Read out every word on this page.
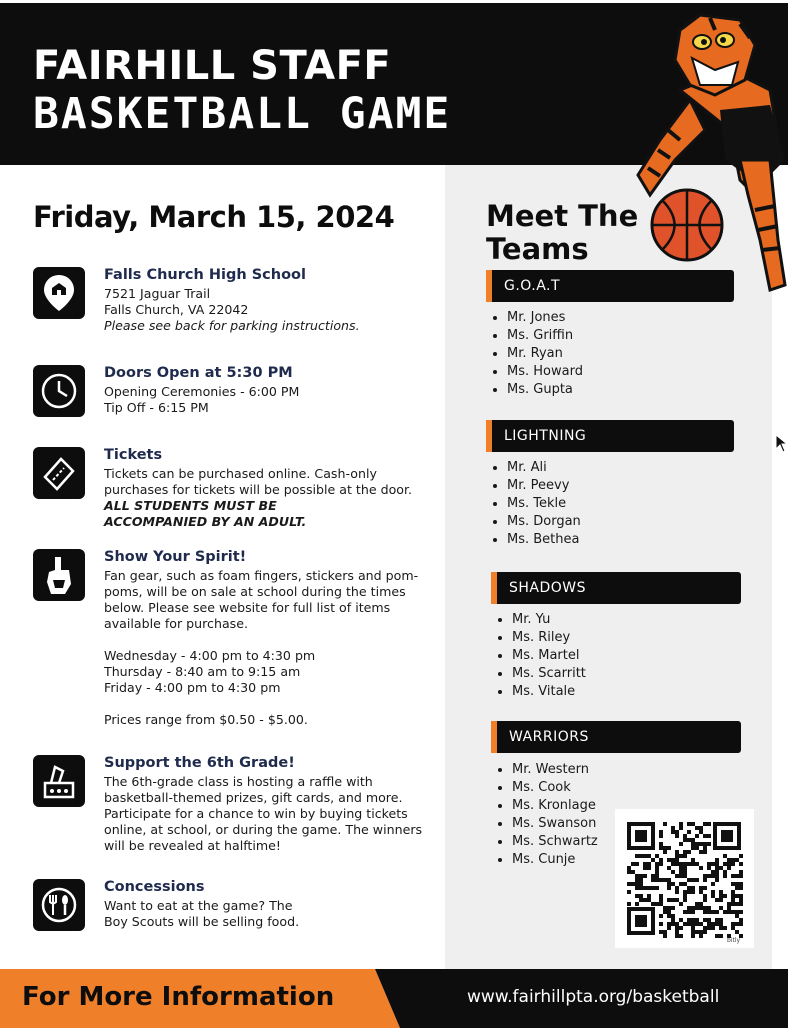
FAIRHILL STAFF
BASKETBALL GAME
Friday, March 15, 2024
Falls Church High School
7521 Jaguar Trail
Falls Church, VA 22042
Please see back for parking instructions.
Doors Open at 5:30 PM
Opening Ceremonies - 6:00 PM
Tip Off - 6:15 PM
Tickets
Tickets can be purchased online. Cash-only purchases for tickets will be possible at the door.
ALL STUDENTS MUST BE ACCOMPANIED BY AN ADULT.
Show Your Spirit!
Fan gear, such as foam fingers, stickers and pom-poms, will be on sale at school during the times below. Please see website for full list of items available for purchase.
Wednesday - 4:00 pm to 4:30 pm
Thursday - 8:40 am to 9:15 am
Friday - 4:00 pm to 4:30 pm
Prices range from $0.50 - $5.00.
Support the 6th Grade!
The 6th-grade class is hosting a raffle with basketball-themed prizes, gift cards, and more. Participate for a chance to win by buying tickets online, at school, or during the game. The winners will be revealed at halftime!
Concessions
Want to eat at the game? The Boy Scouts will be selling food.
Meet The Teams
G.O.A.T
• Mr. Jones
• Ms. Griffin
• Mr. Ryan
• Ms. Howard
• Ms. Gupta
LIGHTNING
• Mr. Ali
• Mr. Peevy
• Ms. Tekle
• Ms. Dorgan
• Ms. Bethea
SHADOWS
• Mr. Yu
• Ms. Riley
• Ms. Martel
• Ms. Scarritt
• Ms. Vitale
WARRIORS
• Mr. Western
• Ms. Cook
• Ms. Kronlage
• Ms. Swanson
• Ms. Schwartz
• Ms. Cunje
bitly
For More Information	www.fairhillpta.org/basketball
